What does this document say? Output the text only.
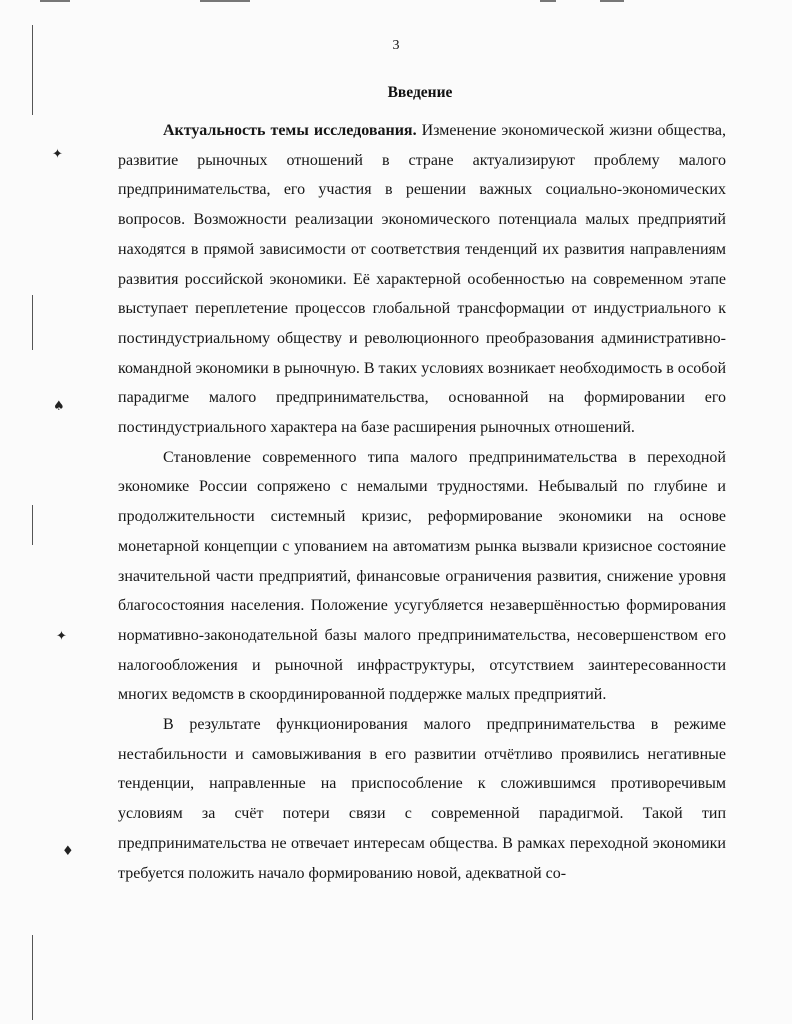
✦
♠
✦
♦
3
Введение

Актуальность темы исследования. Изменение экономической жизни общества, развитие рыночных отношений в стране актуализируют проблему малого предпринимательства, его участия в решении важных социально-экономических вопросов. Возможности реализации экономического потенциала малых предприятий находятся в прямой зависимости от соответствия тенденций их развития направлениям развития российской экономики. Её характерной особенностью на современном этапе выступает переплетение процессов глобальной трансформации от индустриального к постиндустриальному обществу и революционного преобразования административно-командной экономики в рыночную. В таких условиях возникает необходимость в особой парадигме малого предпринимательства, основанной на формировании его постиндустриального характера на базе расширения рыночных отношений.

Становление современного типа малого предпринимательства в переходной экономике России сопряжено с немалыми трудностями. Небывалый по глубине и продолжительности системный кризис, реформирование экономики на основе монетарной концепции с упованием на автоматизм рынка вызвали кризисное состояние значительной части предприятий, финансовые ограничения развития, снижение уровня благосостояния населения. Положение усугубляется незавершённостью формирования нормативно-законодательной базы малого предпринимательства, несовершенством его налогообложения и рыночной инфраструктуры, отсутствием заинтересованности многих ведомств в скоординированной поддержке малых предприятий.

В результате функционирования малого предпринимательства в режиме нестабильности и самовыживания в его развитии отчётливо проявились негативные тенденции, направленные на приспособление к сложившимся противоречивым условиям за счёт потери связи с современной парадигмой. Такой тип предпринимательства не отвечает интересам общества. В рамках переходной экономики требуется положить начало формированию новой, адекватной со-
